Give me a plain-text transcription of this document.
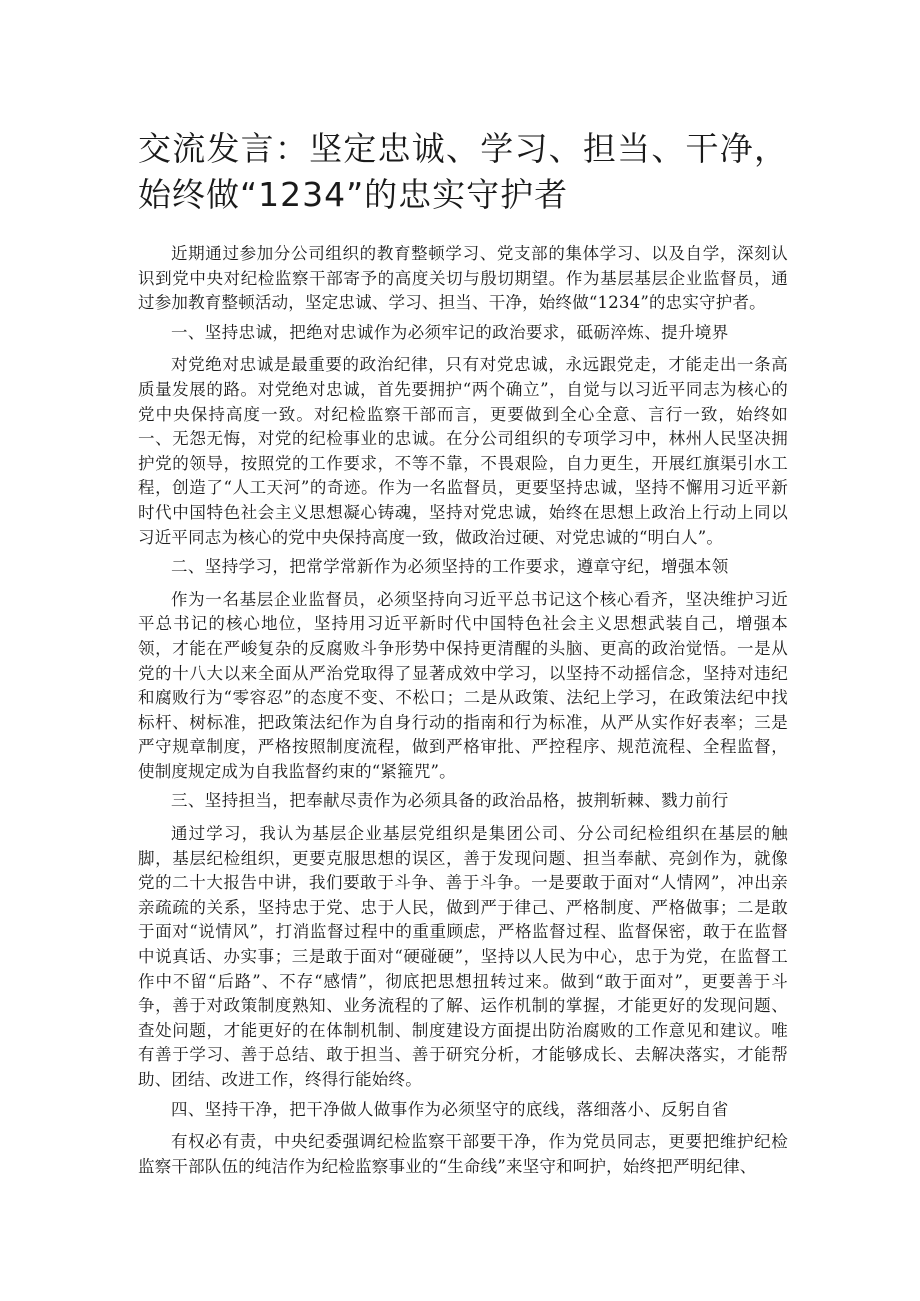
交流发言：坚定忠诚、学习、担当、干净，始终做“1234”的忠实守护者

近期通过参加分公司组织的教育整顿学习、党支部的集体学习、以及自学，深刻认识到党中央对纪检监察干部寄予的高度关切与殷切期望。作为基层基层企业监督员，通过参加教育整顿活动，坚定忠诚、学习、担当、干净，始终做“1234”的忠实守护者。

一、坚持忠诚，把绝对忠诚作为必须牢记的政治要求，砥砺淬炼、提升境界

对党绝对忠诚是最重要的政治纪律，只有对党忠诚，永远跟党走，才能走出一条高质量发展的路。对党绝对忠诚，首先要拥护“两个确立”，自觉与以习近平同志为核心的党中央保持高度一致。对纪检监察干部而言，更要做到全心全意、言行一致，始终如一、无怨无悔，对党的纪检事业的忠诚。在分公司组织的专项学习中，林州人民坚决拥护党的领导，按照党的工作要求，不等不靠，不畏艰险，自力更生，开展红旗渠引水工程，创造了“人工天河”的奇迹。作为一名监督员，更要坚持忠诚，坚持不懈用习近平新时代中国特色社会主义思想凝心铸魂，坚持对党忠诚，始终在思想上政治上行动上同以习近平同志为核心的党中央保持高度一致，做政治过硬、对党忠诚的“明白人”。

二、坚持学习，把常学常新作为必须坚持的工作要求，遵章守纪，增强本领

作为一名基层企业监督员，必须坚持向习近平总书记这个核心看齐，坚决维护习近平总书记的核心地位，坚持用习近平新时代中国特色社会主义思想武装自己，增强本领，才能在严峻复杂的反腐败斗争形势中保持更清醒的头脑、更高的政治觉悟。一是从党的十八大以来全面从严治党取得了显著成效中学习，以坚持不动摇信念，坚持对违纪和腐败行为“零容忍”的态度不变、不松口；二是从政策、法纪上学习，在政策法纪中找标杆、树标准，把政策法纪作为自身行动的指南和行为标准，从严从实作好表率；三是严守规章制度，严格按照制度流程，做到严格审批、严控程序、规范流程、全程监督，使制度规定成为自我监督约束的“紧箍咒”。

三、坚持担当，把奉献尽责作为必须具备的政治品格，披荆斩棘、戮力前行

通过学习，我认为基层企业基层党组织是集团公司、分公司纪检组织在基层的触脚，基层纪检组织，更要克服思想的误区，善于发现问题、担当奉献、亮剑作为，就像党的二十大报告中讲，我们要敢于斗争、善于斗争。一是要敢于面对“人情网”，冲出亲亲疏疏的关系，坚持忠于党、忠于人民，做到严于律己、严格制度、严格做事；二是敢于面对“说情风”，打消监督过程中的重重顾虑，严格监督过程、监督保密，敢于在监督中说真话、办实事；三是敢于面对“硬碰硬”，坚持以人民为中心，忠于为党，在监督工作中不留“后路”、不存“感情”，彻底把思想扭转过来。做到“敢于面对”，更要善于斗争，善于对政策制度熟知、业务流程的了解、运作机制的掌握，才能更好的发现问题、查处问题，才能更好的在体制机制、制度建设方面提出防治腐败的工作意见和建议。唯有善于学习、善于总结、敢于担当、善于研究分析，才能够成长、去解决落实，才能帮助、团结、改进工作，终得行能始终。

四、坚持干净，把干净做人做事作为必须坚守的底线，落细落小、反躬自省

有权必有责，中央纪委强调纪检监察干部要干净，作为党员同志，更要把维护纪检监察干部队伍的纯洁作为纪检监察事业的“生命线”来坚守和呵护，始终把严明纪律、
